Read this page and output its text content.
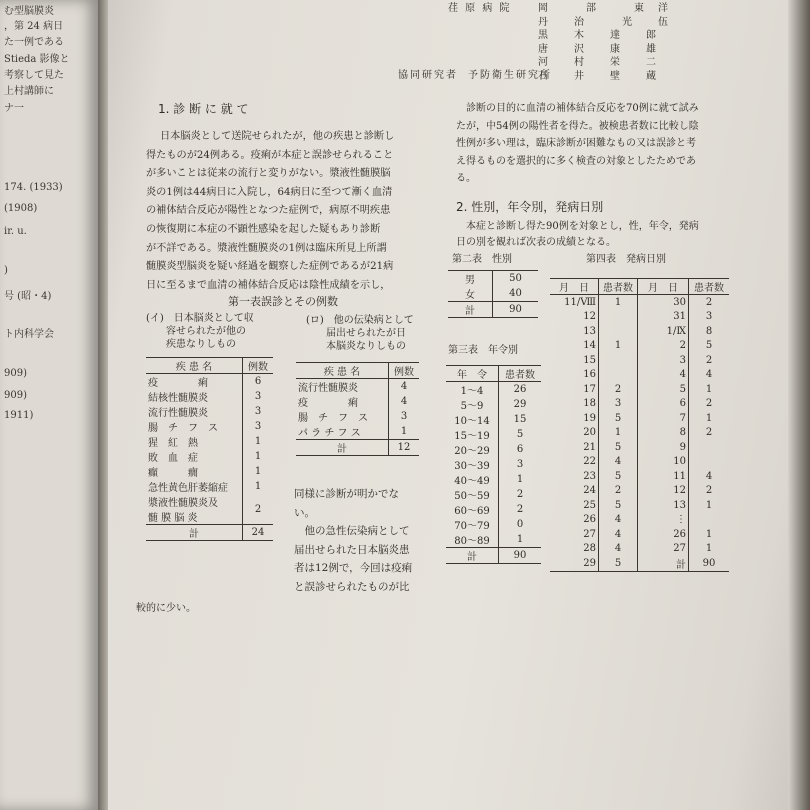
む型脳膜炎
，第 24 病日
た一例である
Stieda 影像と
考察して見た
上村講師に
ナ一
174. (1933)
(1908)
ir. u.
)
号 (昭・4)
ト内科学会
909)
909)
1911)
荏 原 病 院	岡　　　部　　　東　洋
丹　　治　　　光　　伍
黒　　木　　達　　郎
唐　　沢　　康　　雄
河　　村　　栄　　二
石　　井　　壁　　蔵
協同研究者 予防衛生研究所
1. 診 断 に 就 て
日本脳炎として送院せられたが，他の疾患と診断し
得たものが24例ある。疫痢が本症と誤診せられること
が多いことは従来の流行と変りがない。漿液性髄膜脳
炎の1例は44病日に入院し，64病日に至つて漸く血清
の補体結合反応が陽性となつた症例で，病原不明疾患
の恢復期に本症の不顕性感染を起した疑もあり診断
が不詳である。漿液性髄膜炎の1例は臨床所見上所謂
髄膜炎型脳炎を疑い経過を観察した症例であるが21病
日に至るまで血清の補体結合反応は陰性成績を示し，
第一表誤診とその例数
(イ)　日本脳炎として収
容せられたが他の
疾患なりしもの
(ロ)　他の伝染病として
届出せられたが日
本脳炎なりしもの
疾 患 名	例数
疫　　　　痢	6
結核性髄膜炎	3
流行性髄膜炎	3
腸　チ　フ　ス	3
猩　紅　熱	1
敗　血　症	1
癲　　　癇	1
急性黄色肝萎縮症	1
漿液性髄膜炎及	2
髄 膜 脳 炎	
計	24
疾 患 名	例数
流行性髄膜炎	4
疫　　　　痢	4
腸　チ　フ　ス	3
パ ラ チ フ ス	1
計	12
同様に診断が明かでな
い。
　他の急性伝染病として
届出せられた日本脳炎患
者は12例で，今回は疫痢
と誤診せられたものが比
較的に少い。
診断の目的に血清の補体結合反応を70例に就て試み
たが，中54例の陽性者を得た。被検患者数に比較し陰
性例が多い理は，臨床診断が困難なもの又は誤診と考
え得るものを選択的に多く検査の対象としたためであ
る。
2. 性別，年令別，発病日別
本症と診断し得た90例を対象とし，性，年令，発病
日の別を観れば次表の成績となる。
第二表　性別
男	50
女	40
計	90
第三表　年令別
年　令	患者数
1～4	26
5～9	29
10～14	15
15～19	5
20～29	6
30～39	3
40～49	1
50～59	2
60～69	2
70～79	0
80～89	1
計	90
第四表　発病日別
月　日	患者数	月　日	患者数
11/Ⅷ	1	30	2
12		31	3
13		1/Ⅸ	8
14	1	2	5
15		3	2
16		4	4
17	2	5	1
18	3	6	2
19	5	7	1
20	1	8	2
21	5	9	
22	4	10	
23	5	11	4
24	2	12	2
25	5	13	1
26	4	⋮	
27	4	26	1
28	4	27	1
29	5	計	90
